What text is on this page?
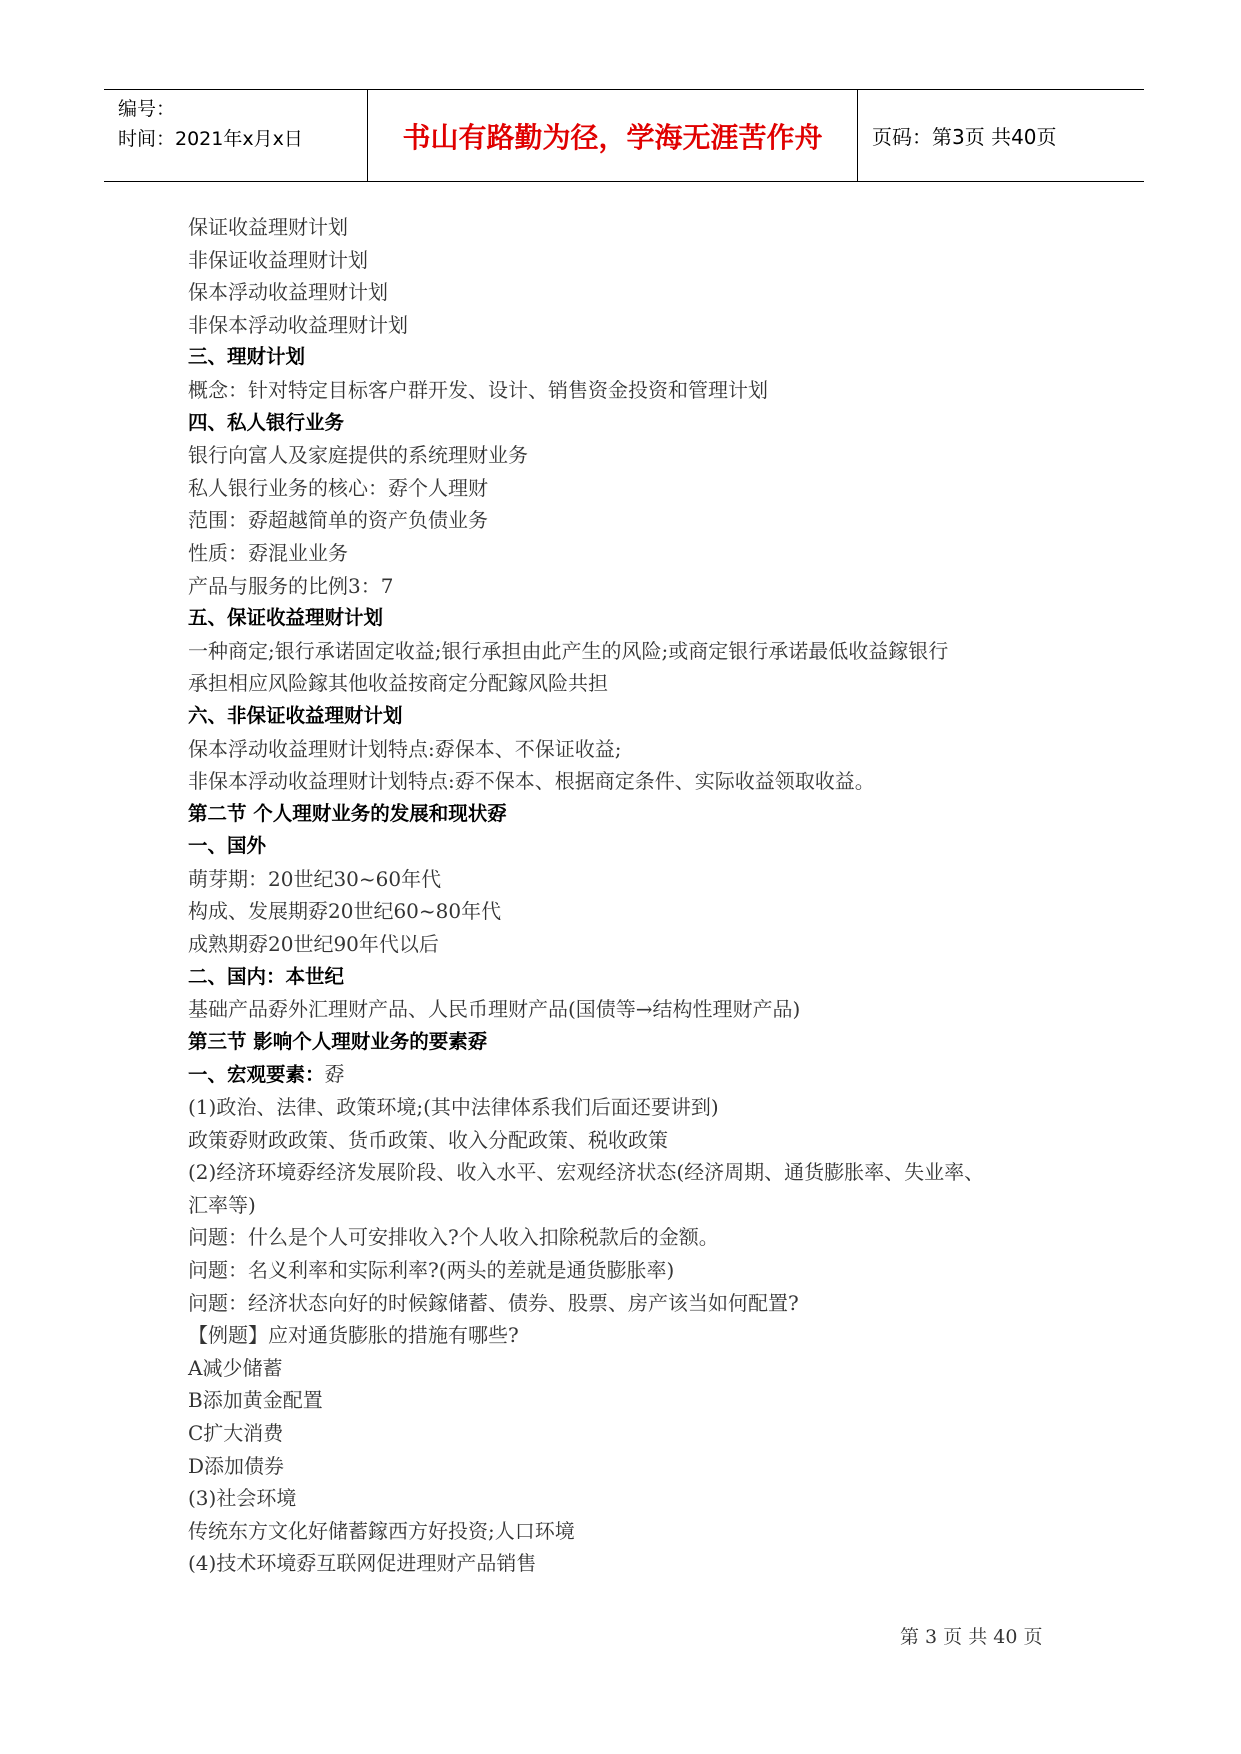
编号：
时间：2021年x月x日	书山有路勤为径，学海无涯苦作舟	页码：第3页 共40页
保证收益理财计划
非保证收益理财计划
保本浮动收益理财计划
非保本浮动收益理财计划
三、理财计划
概念：针对特定目标客户群开发、设计、销售资金投资和管理计划
四、私人银行业务
银行向富人及家庭提供的系统理财业务
私人银行业务的核心：孬个人理财
范围：孬超越简单的资产负债业务
性质：孬混业业务
产品与服务的比例3：7
五、保证收益理财计划
一种商定;银行承诺固定收益;银行承担由此产生的风险;或商定银行承诺最低收益鎵银行
承担相应风险鎵其他收益按商定分配鎵风险共担
六、非保证收益理财计划
保本浮动收益理财计划特点:孬保本、不保证收益;
非保本浮动收益理财计划特点:孬不保本、根据商定条件、实际收益领取收益。
第二节 个人理财业务的发展和现状孬
一、国外
萌芽期：20世纪30~60年代
构成、发展期孬20世纪60~80年代
成熟期孬20世纪90年代以后
二、国内：本世纪
基础产品孬外汇理财产品、人民币理财产品(国债等→结构性理财产品)
第三节 影响个人理财业务的要素孬
一、宏观要素：孬
(1)政治、法律、政策环境;(其中法律体系我们后面还要讲到)
政策孬财政政策、货币政策、收入分配政策、税收政策
(2)经济环境孬经济发展阶段、收入水平、宏观经济状态(经济周期、通货膨胀率、失业率、
汇率等)
问题：什么是个人可安排收入?个人收入扣除税款后的金额。
问题：名义利率和实际利率?(两头的差就是通货膨胀率)
问题：经济状态向好的时候鎵储蓄、债券、股票、房产该当如何配置?
【例题】应对通货膨胀的措施有哪些?
A减少储蓄
B添加黄金配置
C扩大消费
D添加债券
(3)社会环境
传统东方文化好储蓄鎵西方好投资;人口环境
(4)技术环境孬互联网促进理财产品销售
第 3 页 共 40 页
